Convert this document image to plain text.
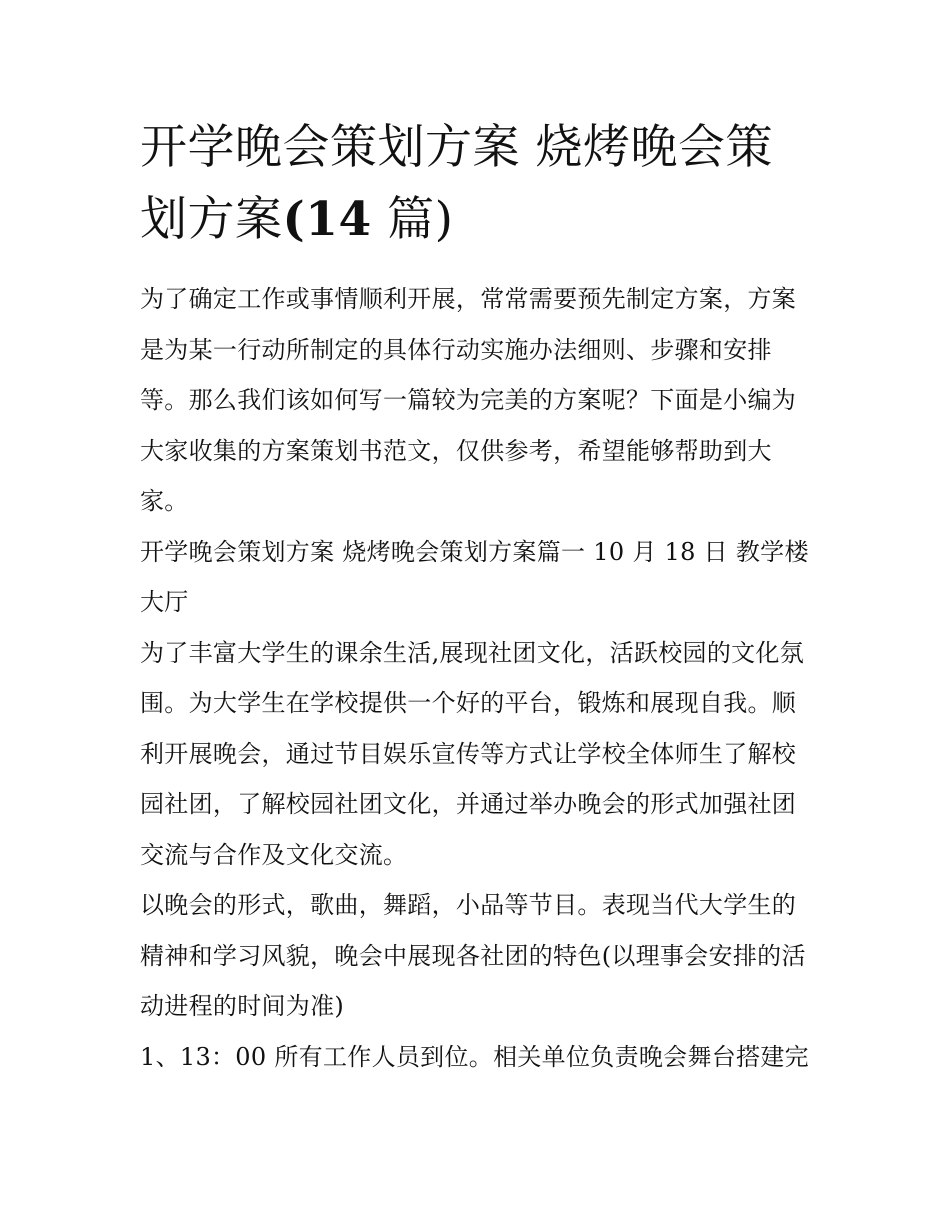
开学晚会策划方案 烧烤晚会策划方案(14 篇)

为了确定工作或事情顺利开展，常常需要预先制定方案，方案是为某一行动所制定的具体行动实施办法细则、步骤和安排等。那么我们该如何写一篇较为完美的方案呢？下面是小编为大家收集的方案策划书范文，仅供参考，希望能够帮助到大家。

开学晚会策划方案 烧烤晚会策划方案篇一 10 月 18 日 教学楼大厅

为了丰富大学生的课余生活,展现社团文化，活跃校园的文化氛围。为大学生在学校提供一个好的平台，锻炼和展现自我。顺利开展晚会，通过节目娱乐宣传等方式让学校全体师生了解校园社团，了解校园社团文化，并通过举办晚会的形式加强社团交流与合作及文化交流。

以晚会的形式，歌曲，舞蹈，小品等节目。表现当代大学生的精神和学习风貌，晚会中展现各社团的特色(以理事会安排的活动进程的时间为准)

1、13：00 所有工作人员到位。相关单位负责晚会舞台搭建完
